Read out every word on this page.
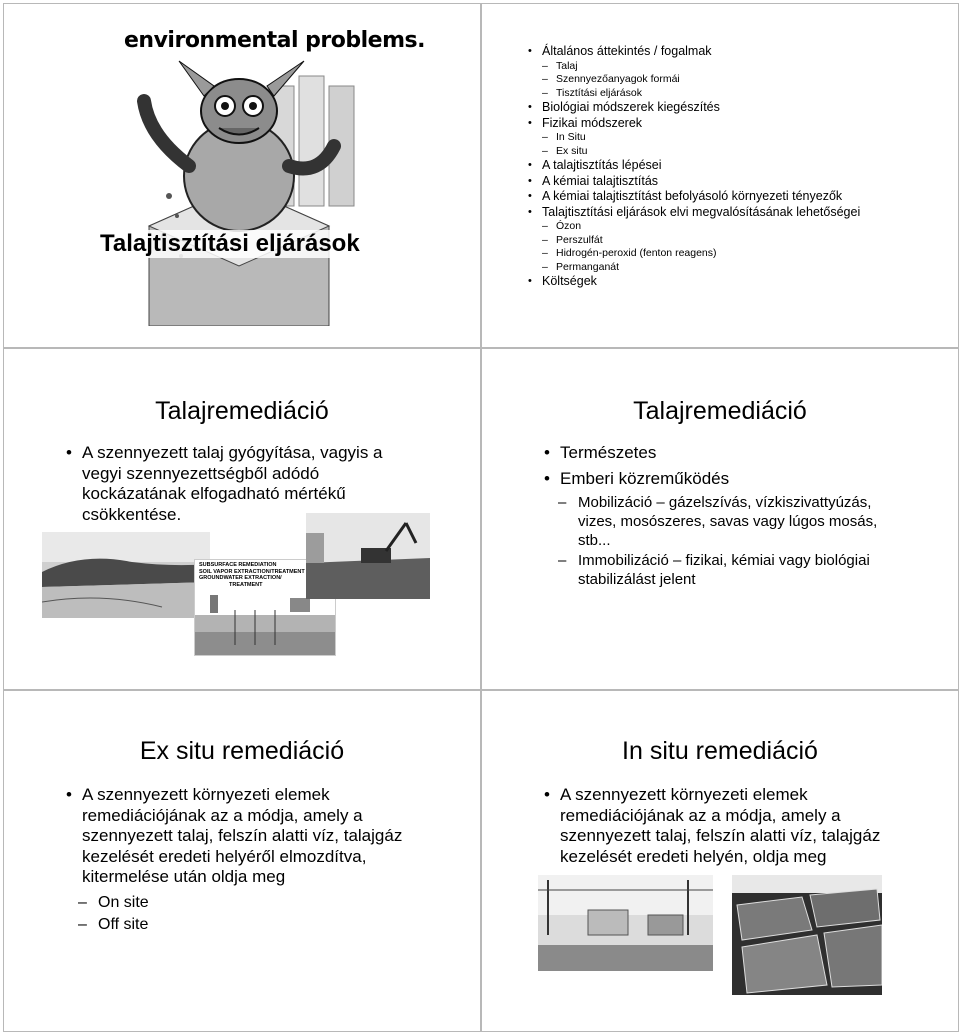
environmental problems.
Talajtisztítási eljárások
• Általános áttekintés / fogalmak
– Talaj
– Szennyezőanyagok formái
– Tisztítási eljárások
• Biológiai módszerek kiegészítés
• Fizikai módszerek
– In Situ
– Ex situ
• A talajtisztítás lépései
• A kémiai talajtisztítás
• A kémiai talajtisztítást befolyásoló környezeti tényezők
• Talajtisztítási eljárások elvi megvalósításának lehetőségei
– Ózon
– Perszulfát
– Hidrogén-peroxid (fenton reagens)
– Permanganát
• Költségek
Talajremediáció
• A szennyezett talaj gyógyítása, vagyis a vegyi szennyezettségből adódó kockázatának elfogadható mértékű csökkentése.
SUBSURFACE REMEDIATION
SOIL VAPOR EXTRACTION/TREATMENT
GROUNDWATER EXTRACTION/
TREATMENT
Talajremediáció
• Természetes
• Emberi közreműködés
– Mobilizáció – gázelszívás, vízkiszivattyúzás, vizes, mosószeres, savas vagy lúgos mosás, stb...
– Immobilizáció – fizikai, kémiai vagy biológiai stabilizálást jelent
Ex situ remediáció
• A szennyezett környezeti elemek remediációjának az a módja, amely a szennyezett talaj, felszín alatti víz, talajgáz kezelését eredeti helyéről elmozdítva, kitermelése után oldja meg
– On site
– Off site
In situ remediáció
• A szennyezett környezeti elemek remediációjának az a módja, amely a szennyezett talaj, felszín alatti víz, talajgáz kezelését eredeti helyén, oldja meg
